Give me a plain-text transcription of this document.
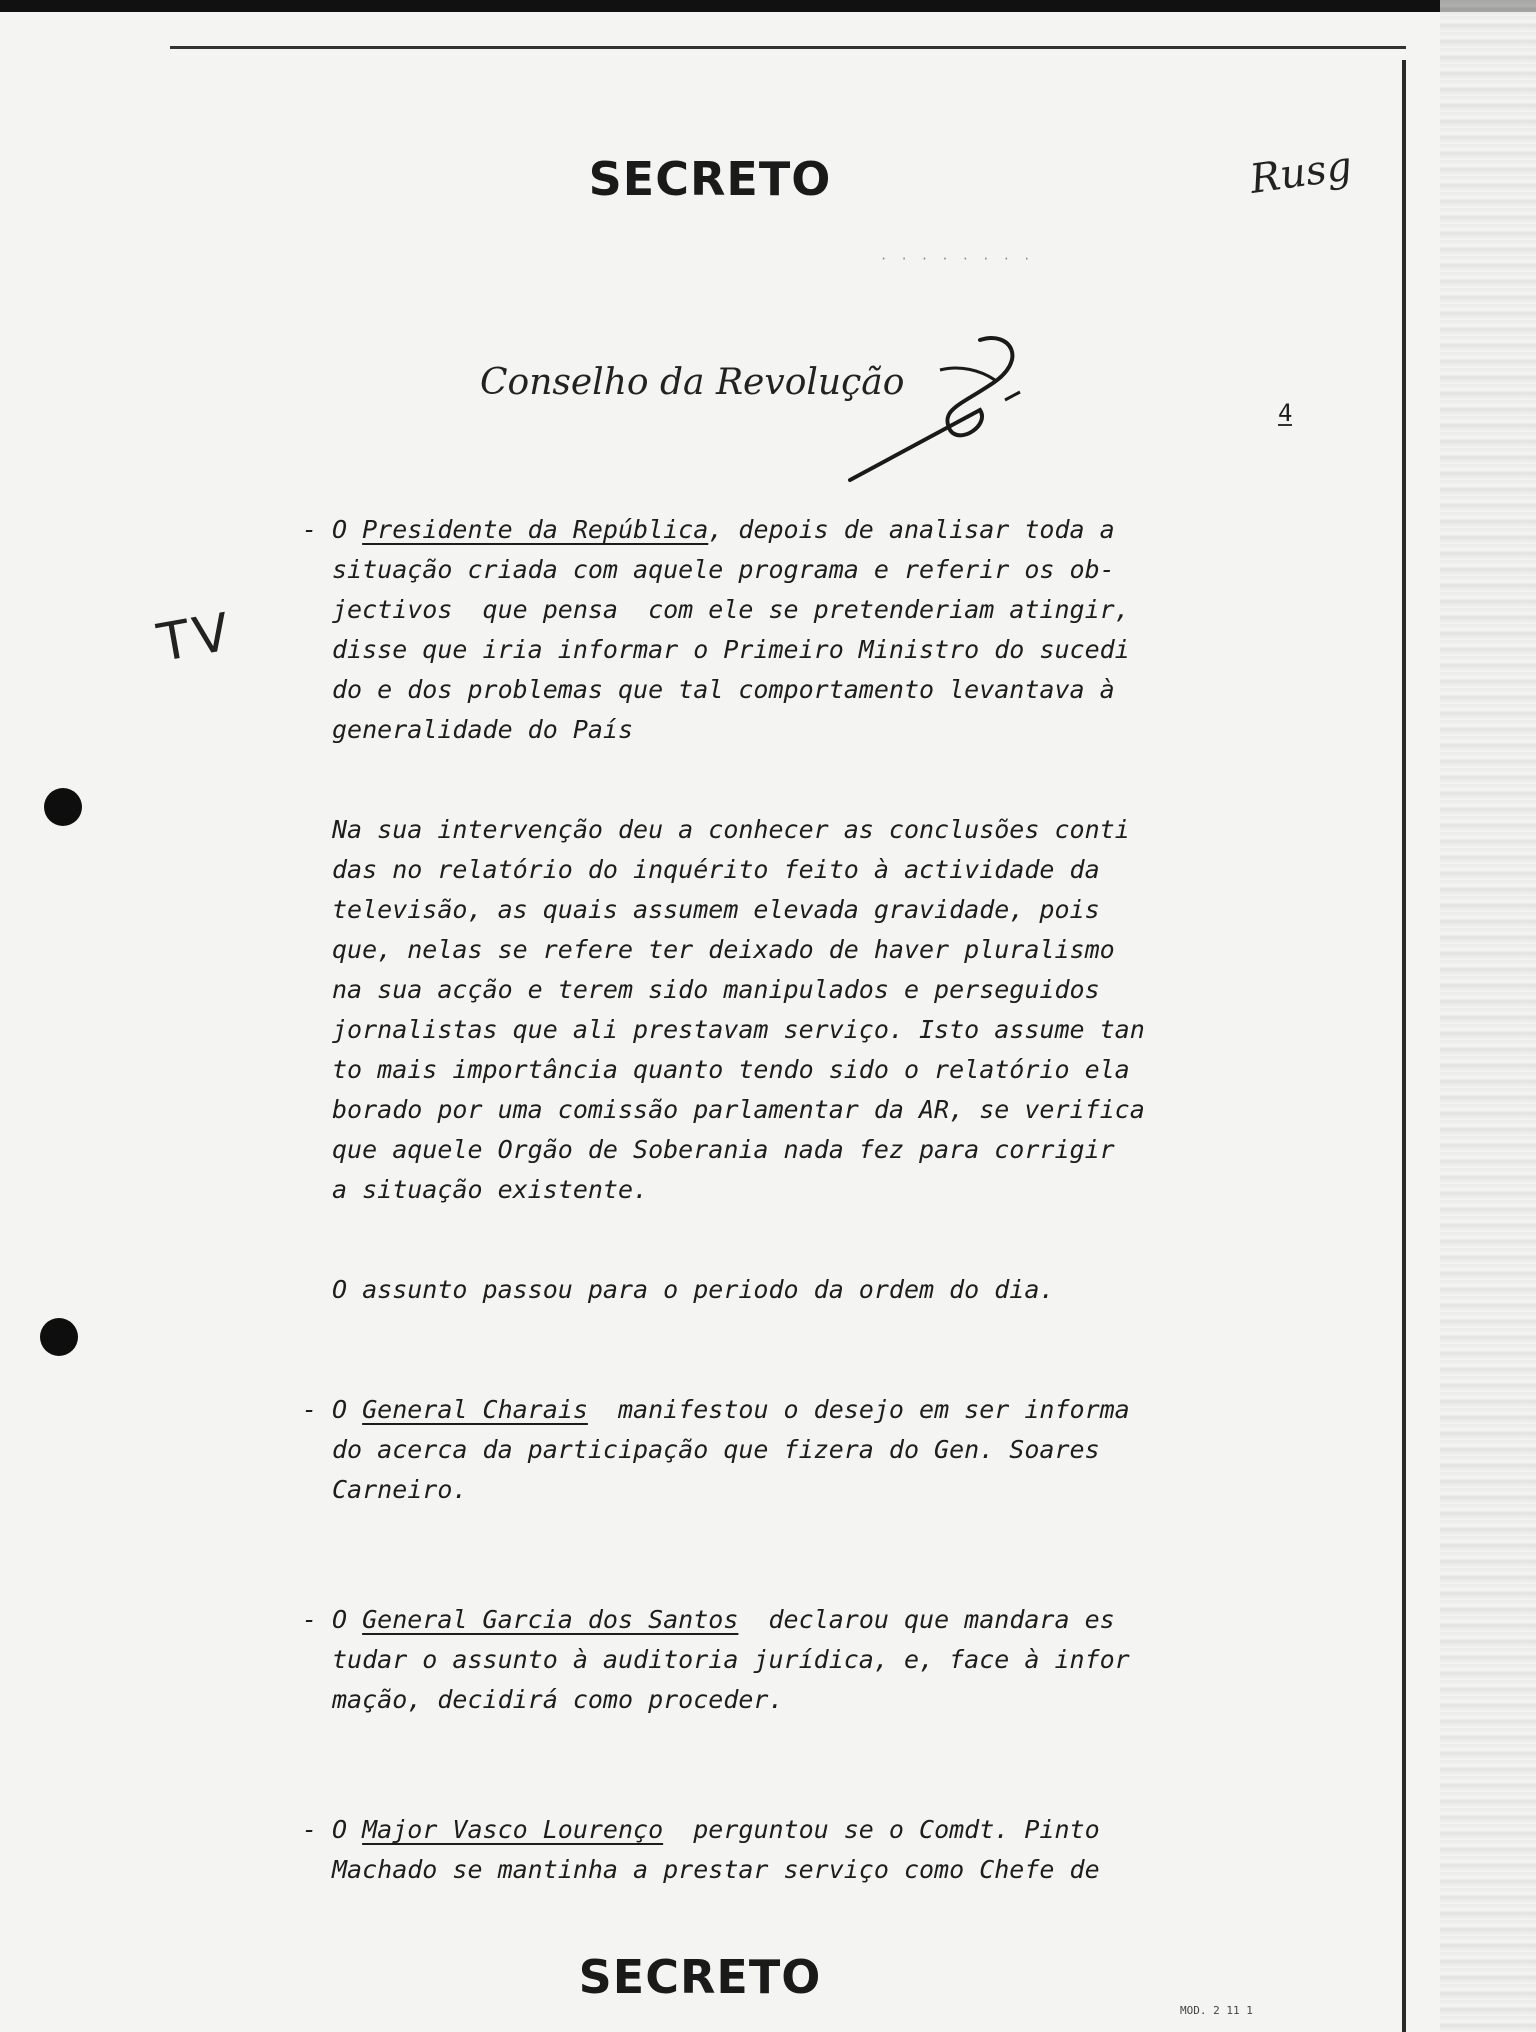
SECRETO	Rusg
· · · · · · · ·
Conselho da Revolução
4
TV
- O Presidente da República, depois de analisar toda a
situação criada com aquele programa e referir os ob-
jectivos  que pensa  com ele se pretenderiam atingir,
disse que iria informar o Primeiro Ministro do sucedi
do e dos problemas que tal comportamento levantava à
generalidade do País
Na sua intervenção deu a conhecer as conclusões conti
das no relatório do inquérito feito à actividade da
televisão, as quais assumem elevada gravidade, pois
que, nelas se refere ter deixado de haver pluralismo
na sua acção e terem sido manipulados e perseguidos
jornalistas que ali prestavam serviço. Isto assume tan
to mais importância quanto tendo sido o relatório ela
borado por uma comissão parlamentar da AR, se verifica
que aquele Orgão de Soberania nada fez para corrigir
a situação existente.
O assunto passou para o periodo da ordem do dia.
- O General Charais  manifestou o desejo em ser informa
do acerca da participação que fizera do Gen. Soares
Carneiro.
- O General Garcia dos Santos  declarou que mandara es
tudar o assunto à auditoria jurídica, e, face à infor
mação, decidirá como proceder.
- O Major Vasco Lourenço  perguntou se o Comdt. Pinto
Machado se mantinha a prestar serviço como Chefe de
SECRETO
MOD. 2 11 1
